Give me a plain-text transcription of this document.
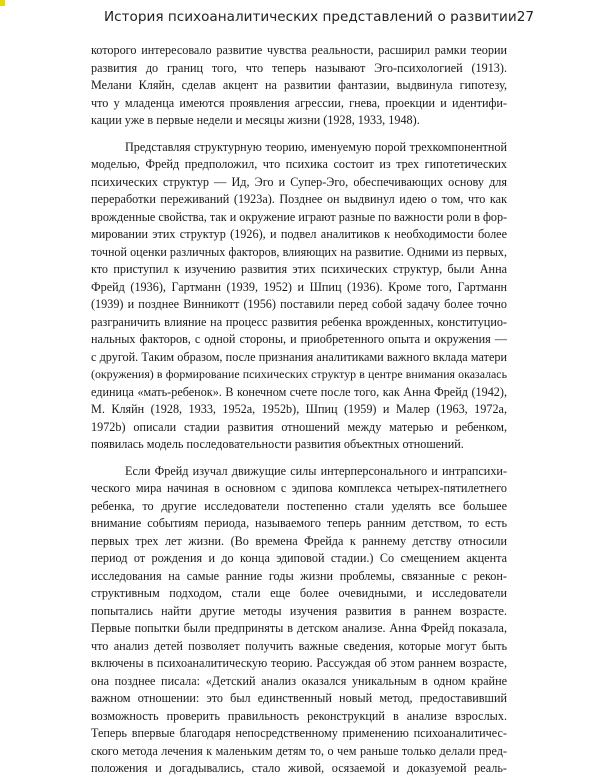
История психоаналитических представлений о развитии 27
которого интересовало развитие чувства реальности, расширил рамки теории
развития до границ того, что теперь называют Эго-психологией (1913).
Мелани Кляйн, сделав акцент на развитии фантазии, выдвинула гипотезу,
что у младенца имеются проявления агрессии, гнева, проекции и идентифи-
кации уже в первые недели и месяцы жизни (1928, 1933, 1948).
Представляя структурную теорию, именуемую порой трехкомпонентной
моделью, Фрейд предположил, что психика состоит из трех гипотетических
психических структур — Ид, Эго и Супер-Эго, обеспечивающих основу для
переработки переживаний (1923а). Позднее он выдвинул идею о том, что как
врожденные свойства, так и окружение играют разные по важности роли в фор-
мировании этих структур (1926), и подвел аналитиков к необходимости более
точной оценки различных факторов, влияющих на развитие. Одними из первых,
кто приступил к изучению развития этих психических структур, были Анна
Фрейд (1936), Гартманн (1939, 1952) и Шпиц (1936). Кроме того, Гартманн
(1939) и позднее Винникотт (1956) поставили перед собой задачу более точно
разграничить влияние на процесс развития ребенка врожденных, конституцио-
нальных факторов, с одной стороны, и приобретенного опыта и окружения —
с другой. Таким образом, после признания аналитиками важного вклада матери
(окружения) в формирование психических структур в центре внимания оказалась
единица «мать-ребенок». В конечном счете после того, как Анна Фрейд (1942),
М. Кляйн (1928, 1933, 1952а, 1952b), Шпиц (1959) и Малер (1963, 1972а,
1972b) описали стадии развития отношений между матерью и ребенком,
появилась модель последовательности развития объектных отношений.
Если Фрейд изучал движущие силы интерперсонального и интрапсихи-
ческого мира начиная в основном с эдипова комплекса четырех-пятилетнего
ребенка, то другие исследователи постепенно стали уделять все большее
внимание событиям периода, называемого теперь ранним детством, то есть
первых трех лет жизни. (Во времена Фрейда к раннему детству относили
период от рождения и до конца эдиповой стадии.) Со смещением акцента
исследования на самые ранние годы жизни проблемы, связанные с рекон-
структивным подходом, стали еще более очевидными, и исследователи
попытались найти другие методы изучения развития в раннем возрасте.
Первые попытки были предприняты в детском анализе. Анна Фрейд показала,
что анализ детей позволяет получить важные сведения, которые могут быть
включены в психоаналитическую теорию. Рассуждая об этом раннем возрасте,
она позднее писала: «Детский анализ оказался уникальным в одном крайне
важном отношении: это был единственный новый метод, предоставивший
возможность проверить правильность реконструкций в анализе взрослых.
Теперь впервые благодаря непосредственному применению психоаналитичес-
ского метода лечения к маленьким детям то, о чем раньше только делали пред-
положения и догадывались, стало живой, осязаемой и доказуемой реаль-
